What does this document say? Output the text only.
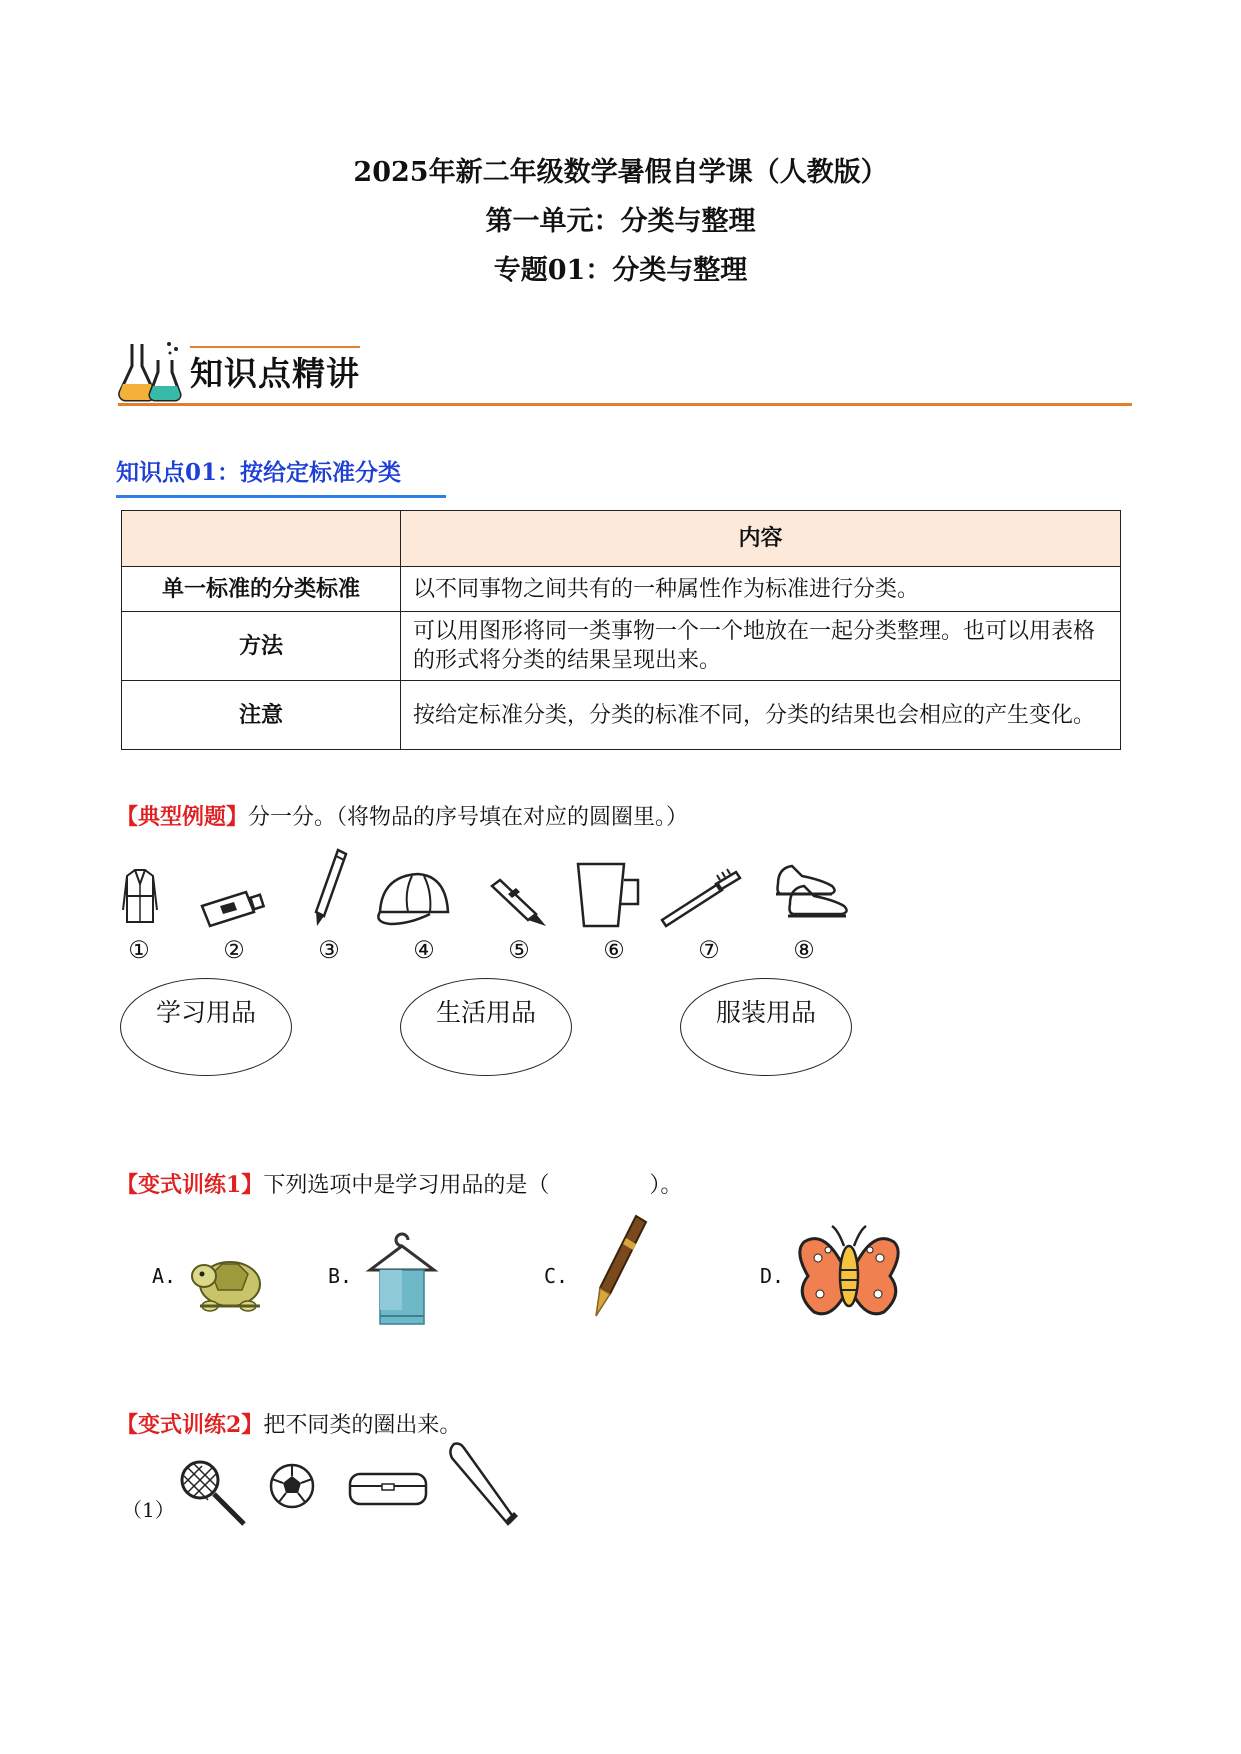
2025年新二年级数学暑假自学课（人教版）
第一单元：分类与整理
专题01：分类与整理
知识点精讲
知识点01：按给定标准分类
	内容
单一标准的分类标准	以不同事物之间共有的一种属性作为标准进行分类。
方法	可以用图形将同一类事物一个一个地放在一起分类整理。也可以用表格的形式将分类的结果呈现出来。
注意	按给定标准分类，分类的标准不同，分类的结果也会相应的产生变化。
【典型例题】分一分。（将物品的序号填在对应的圆圈里。）
①	②	③	④	⑤	⑥	⑦	⑧
学习用品	生活用品	服装用品
【变式训练1】下列选项中是学习用品的是（	）。
A.	B.	C.	D.
【变式训练2】把不同类的圈出来。
（1）
